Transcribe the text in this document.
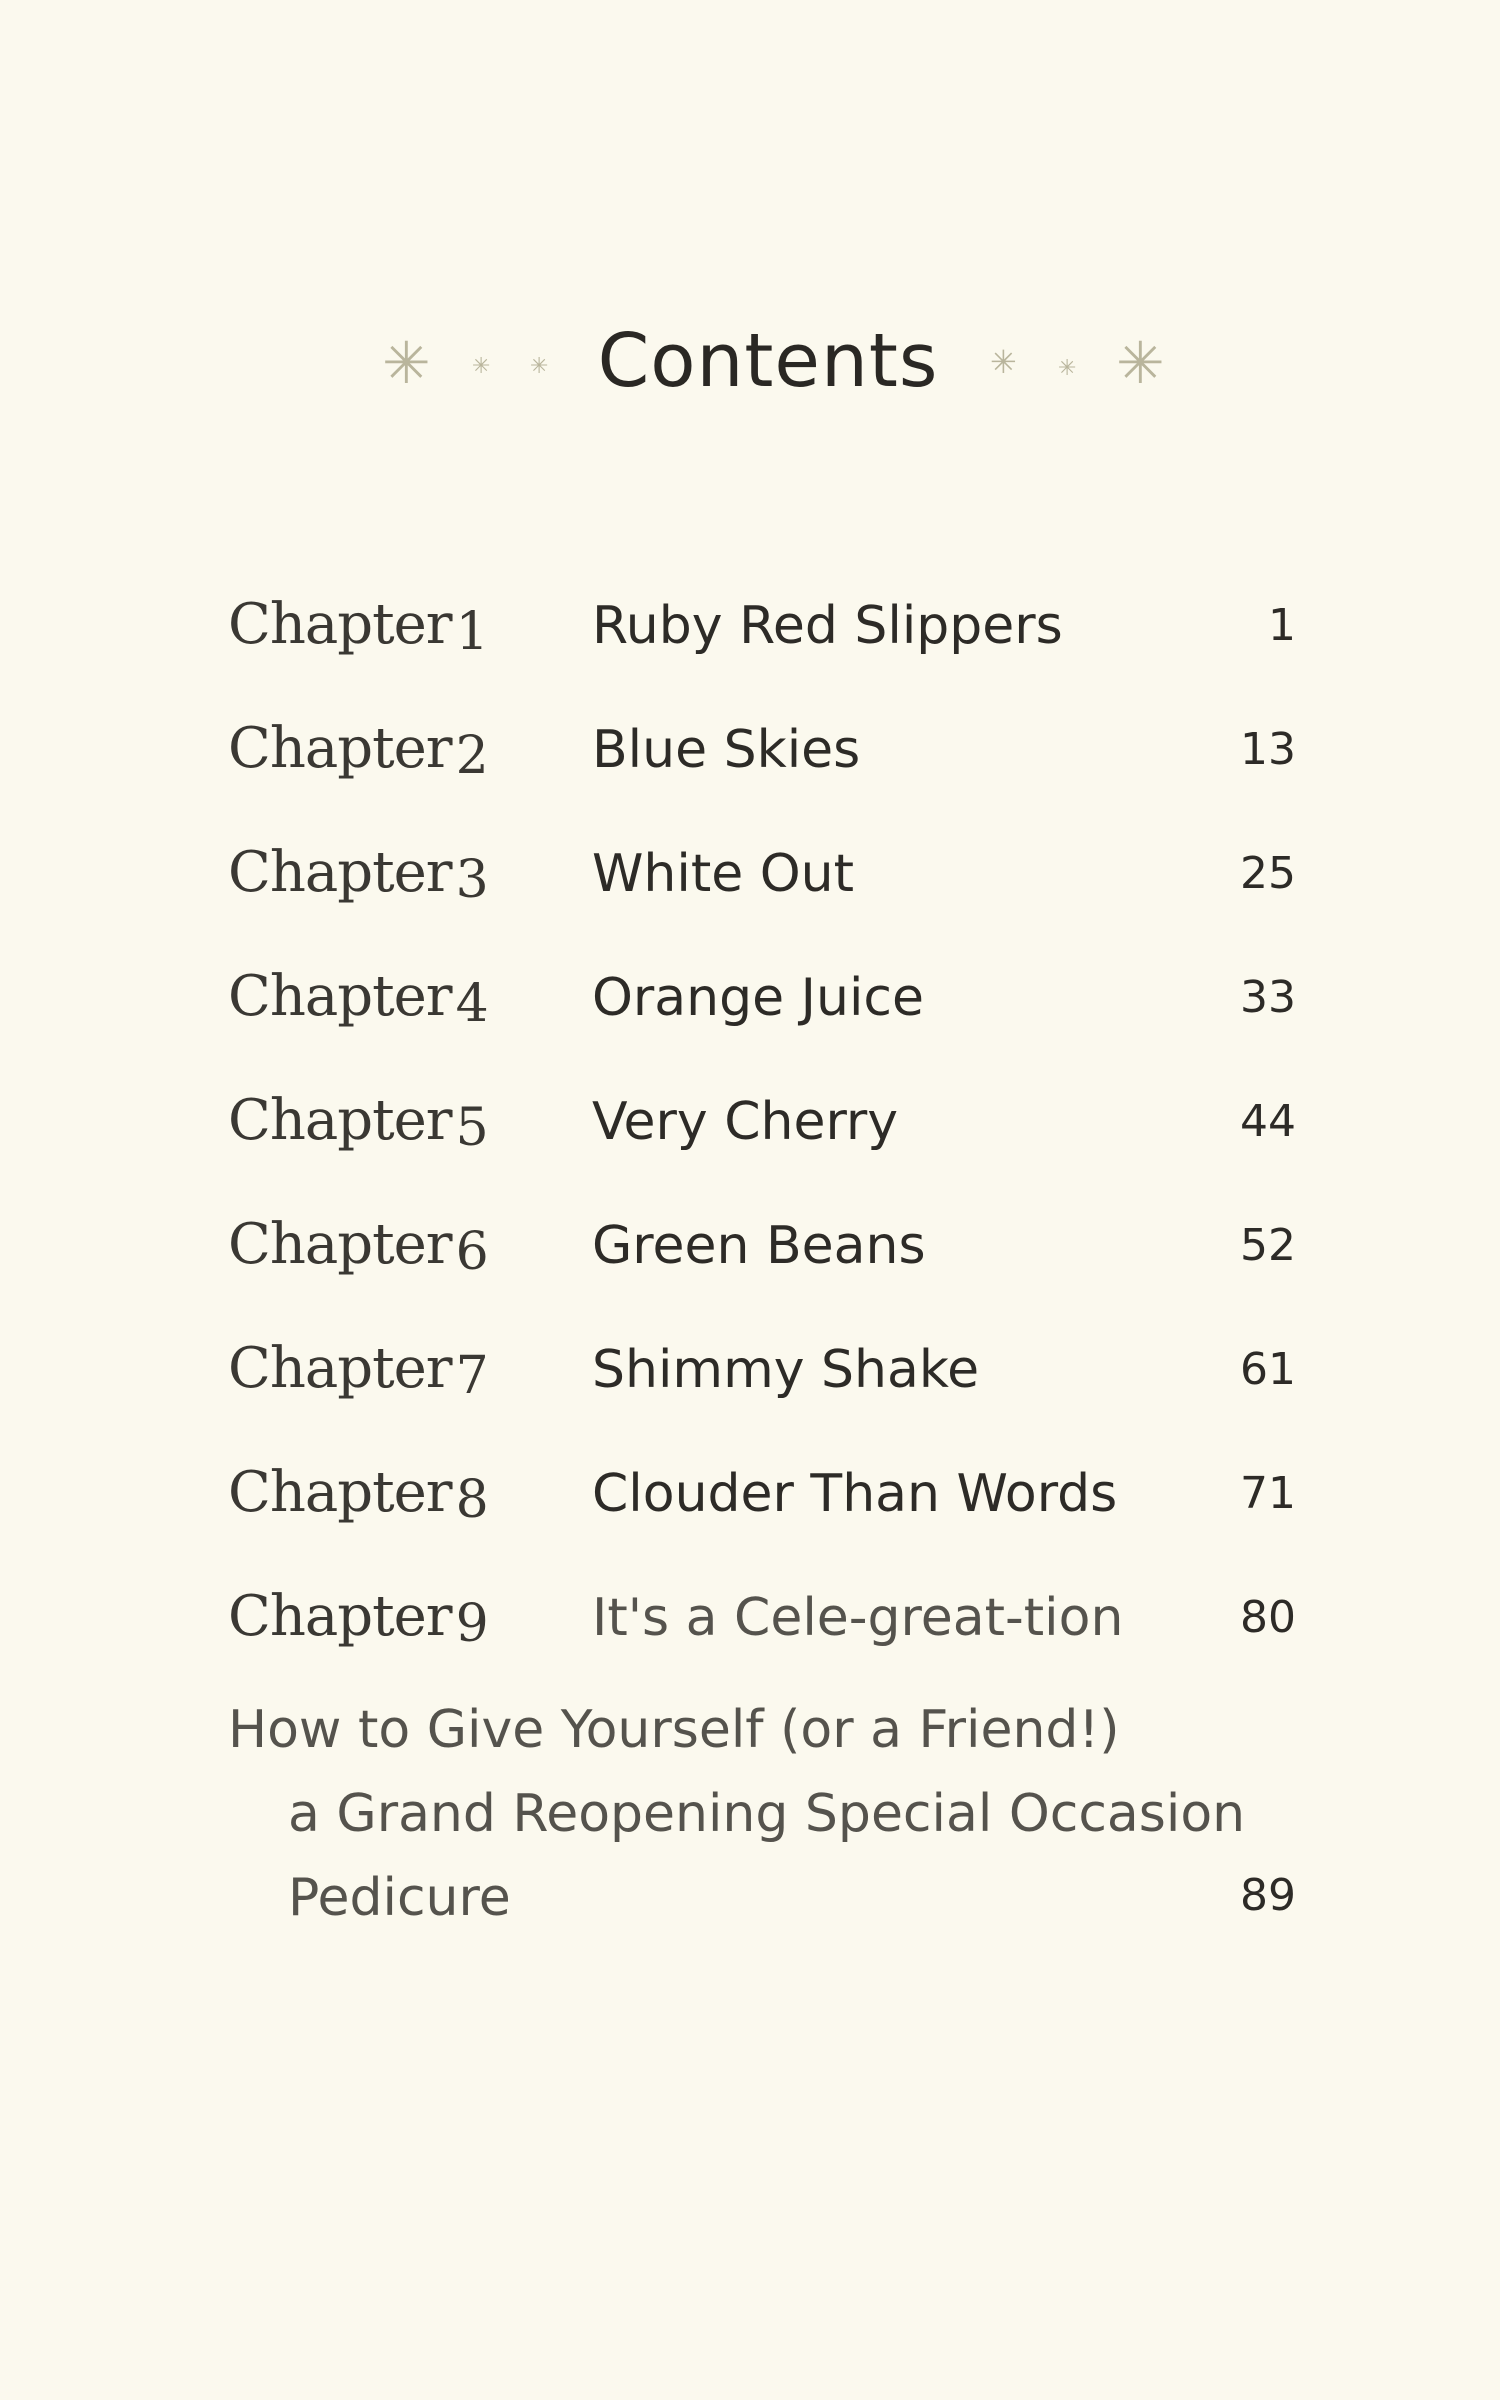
✳ ✳ ✳ Contents	✳ ✳ ✳
Chapter1 Ruby Red Slippers	1
Chapter2 Blue Skies	13
Chapter3 White Out	25
Chapter4 Orange Juice	33
Chapter5 Very Cherry	44
Chapter6 Green Beans	52
Chapter7 Shimmy Shake	61
Chapter8 Clouder Than Words	71
Chapter9 It's a Cele-great-tion	80
How to Give Yourself (or a Friend!)
a Grand Reopening Special Occasion
Pedicure	89
